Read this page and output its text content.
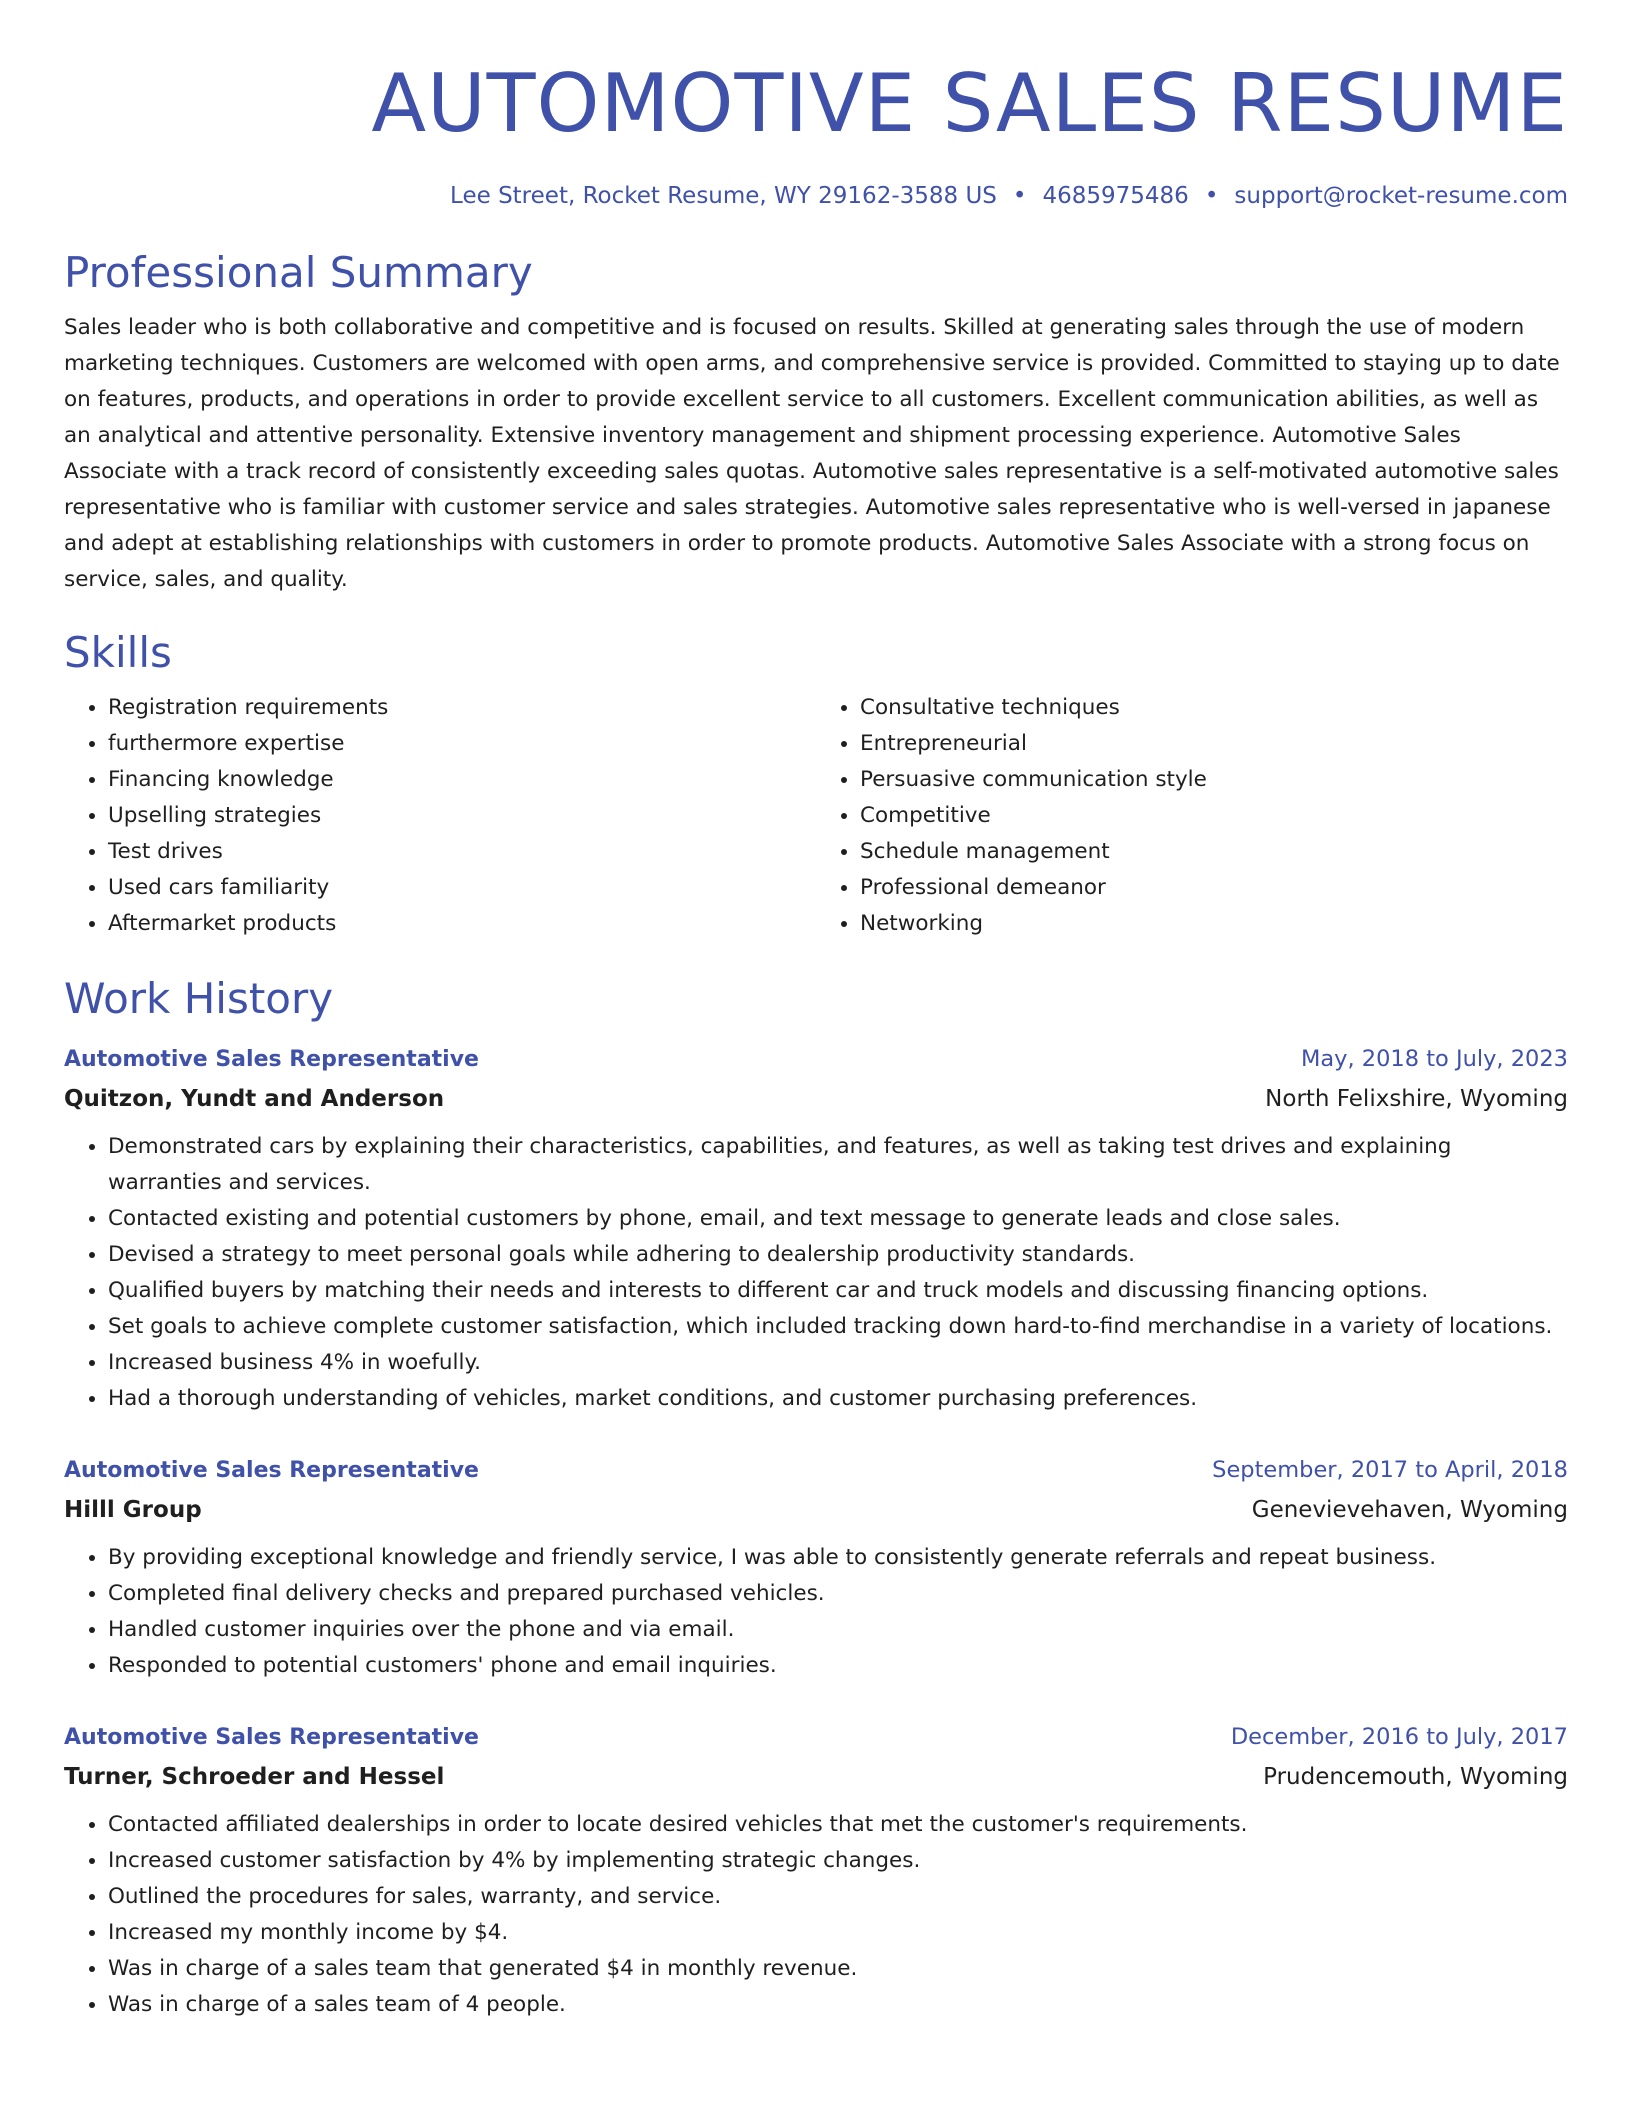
AUTOMOTIVE SALES RESUME
Lee Street, Rocket Resume, WY 29162-3588 US • 4685975486 • support@rocket-resume.com
Professional Summary
Sales leader who is both collaborative and competitive and is focused on results. Skilled at generating sales through the use of modern marketing techniques. Customers are welcomed with open arms, and comprehensive service is provided. Committed to staying up to date on features, products, and operations in order to provide excellent service to all customers. Excellent communication abilities, as well as an analytical and attentive personality. Extensive inventory management and shipment processing experience. Automotive Sales Associate with a track record of consistently exceeding sales quotas. Automotive sales representative is a self-motivated automotive sales representative who is familiar with customer service and sales strategies. Automotive sales representative who is well-versed in japanese and adept at establishing relationships with customers in order to promote products. Automotive Sales Associate with a strong focus on service, sales, and quality.
Skills
• Registration requirements
• furthermore expertise
• Financing knowledge
• Upselling strategies
• Test drives
• Used cars familiarity
• Aftermarket products
• Consultative techniques
• Entrepreneurial
• Persuasive communication style
• Competitive
• Schedule management
• Professional demeanor
• Networking
Work History
Automotive Sales Representative	May, 2018 to July, 2023
Quitzon, Yundt and Anderson	North Felixshire, Wyoming
• Demonstrated cars by explaining their characteristics, capabilities, and features, as well as taking test drives and explaining warranties and services.
• Contacted existing and potential customers by phone, email, and text message to generate leads and close sales.
• Devised a strategy to meet personal goals while adhering to dealership productivity standards.
• Qualified buyers by matching their needs and interests to different car and truck models and discussing financing options.
• Set goals to achieve complete customer satisfaction, which included tracking down hard-to-find merchandise in a variety of locations.
• Increased business 4% in woefully.
• Had a thorough understanding of vehicles, market conditions, and customer purchasing preferences.
Automotive Sales Representative	September, 2017 to April, 2018
Hilll Group	Genevievehaven, Wyoming
• By providing exceptional knowledge and friendly service, I was able to consistently generate referrals and repeat business.
• Completed final delivery checks and prepared purchased vehicles.
• Handled customer inquiries over the phone and via email.
• Responded to potential customers' phone and email inquiries.
Automotive Sales Representative	December, 2016 to July, 2017
Turner, Schroeder and Hessel	Prudencemouth, Wyoming
• Contacted affiliated dealerships in order to locate desired vehicles that met the customer's requirements.
• Increased customer satisfaction by 4% by implementing strategic changes.
• Outlined the procedures for sales, warranty, and service.
• Increased my monthly income by $4.
• Was in charge of a sales team that generated $4 in monthly revenue.
• Was in charge of a sales team of 4 people.
